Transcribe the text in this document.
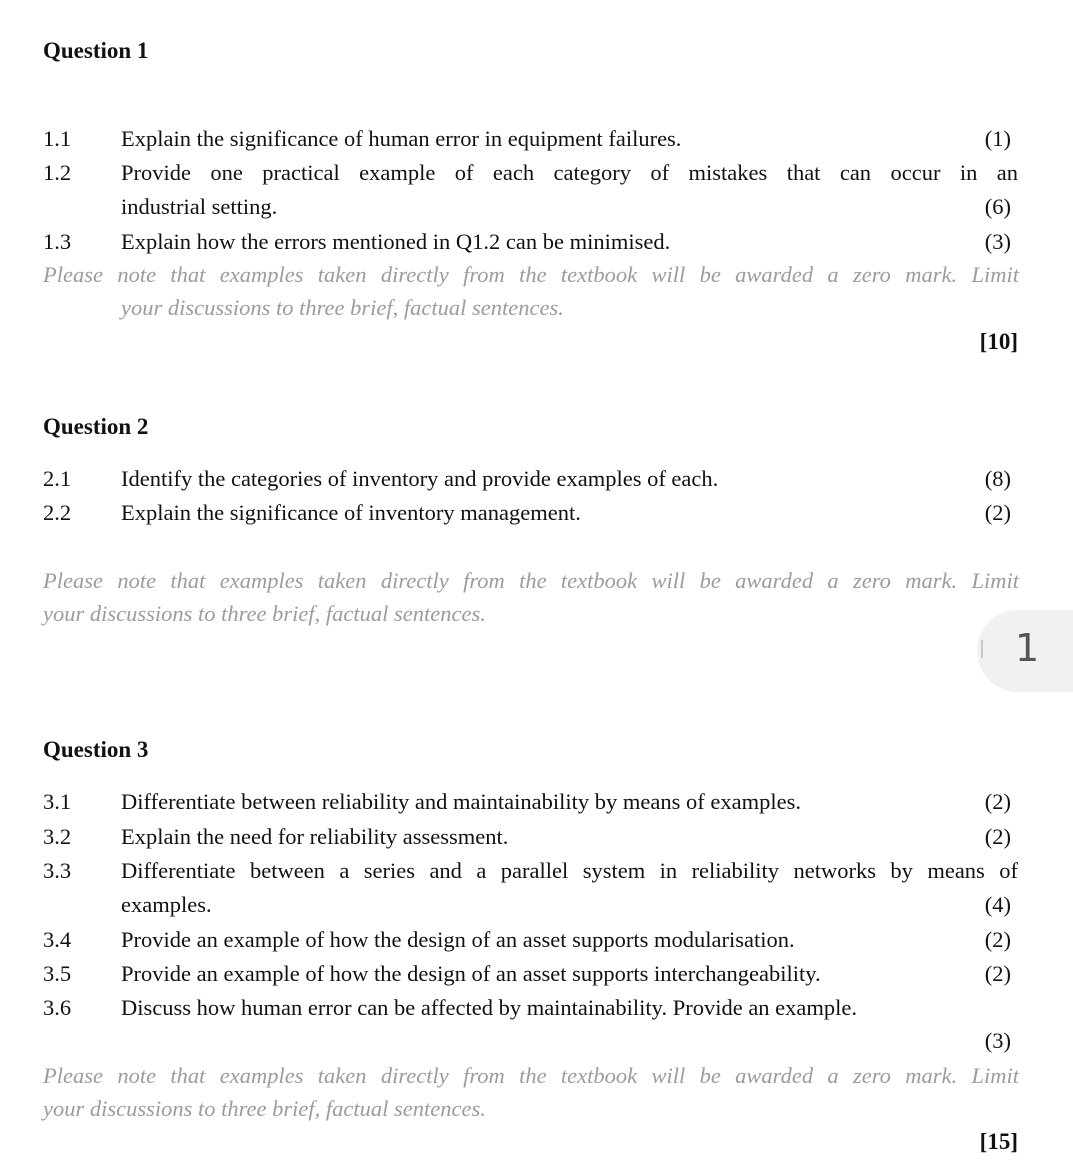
Question 1
1.1 Explain the significance of human error in equipment failures.	(1)
1.2 Provide one practical example of each category of mistakes that can occur in an
industrial setting.	(6)
1.3 Explain how the errors mentioned in Q1.2 can be minimised.	(3)
Please note that examples taken directly from the textbook will be awarded a zero mark. Limit
your discussions to three brief, factual sentences.
[10]
Question 2
2.1 Identify the categories of inventory and provide examples of each.	(8)
2.2 Explain the significance of inventory management.	(2)
Please note that examples taken directly from the textbook will be awarded a zero mark. Limit
your discussions to three brief, factual sentences.
1
Question 3
3.1 Differentiate between reliability and maintainability by means of examples.	(2)
3.2 Explain the need for reliability assessment.	(2)
3.3 Differentiate between a series and a parallel system in reliability networks by means of
examples.	(4)
3.4 Provide an example of how the design of an asset supports modularisation.	(2)
3.5 Provide an example of how the design of an asset supports interchangeability.	(2)
3.6 Discuss how human error can be affected by maintainability. Provide an example.
(3)
Please note that examples taken directly from the textbook will be awarded a zero mark. Limit
your discussions to three brief, factual sentences.
[15]
